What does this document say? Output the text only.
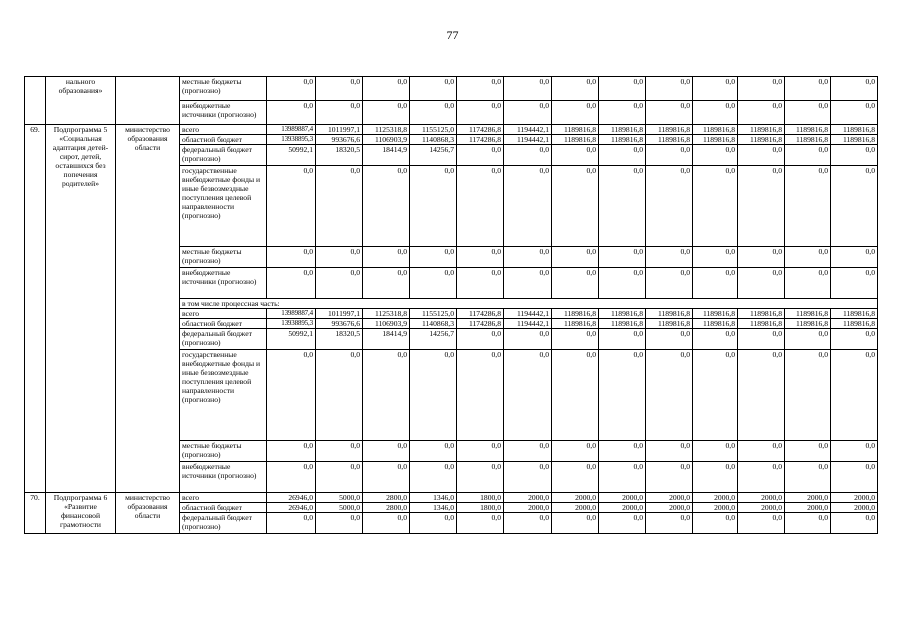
77
	нального образования»		местные бюджеты (прогнозно)	0,0	0,0	0,0	0,0	0,0	0,0	0,0	0,0	0,0	0,0	0,0	0,0	0,0
			внебюджетные источники (прогнозно)	0,0	0,0	0,0	0,0	0,0	0,0	0,0	0,0	0,0	0,0	0,0	0,0	0,0
69.	Подпрограмма 5 «Социальная адаптация детей-сирот, детей, оставшихся без попечения родителей»	министерство образования области	всего	13989887,4	1011997,1	1125318,8	1155125,0	1174286,8	1194442,1	1189816,8	1189816,8	1189816,8	1189816,8	1189816,8	1189816,8	1189816,8
			областной бюджет	13938895,3	993676,6	1106903,9	1140868,3	1174286,8	1194442,1	1189816,8	1189816,8	1189816,8	1189816,8	1189816,8	1189816,8	1189816,8
			федеральный бюджет (прогнозно)	50992,1	18320,5	18414,9	14256,7	0,0	0,0	0,0	0,0	0,0	0,0	0,0	0,0	0,0
			государственные внебюджетные фонды и иные безвозмездные поступления целевой направленности (прогнозно)	0,0	0,0	0,0	0,0	0,0	0,0	0,0	0,0	0,0	0,0	0,0	0,0	0,0
			местные бюджеты (прогнозно)	0,0	0,0	0,0	0,0	0,0	0,0	0,0	0,0	0,0	0,0	0,0	0,0	0,0
			внебюджетные источники (прогнозно)	0,0	0,0	0,0	0,0	0,0	0,0	0,0	0,0	0,0	0,0	0,0	0,0	0,0
			в том числе процессная часть:													
			всего	13989887,4	1011997,1	1125318,8	1155125,0	1174286,8	1194442,1	1189816,8	1189816,8	1189816,8	1189816,8	1189816,8	1189816,8	1189816,8
			областной бюджет	13938895,3	993676,6	1106903,9	1140868,3	1174286,8	1194442,1	1189816,8	1189816,8	1189816,8	1189816,8	1189816,8	1189816,8	1189816,8
			федеральный бюджет (прогнозно)	50992,1	18320,5	18414,9	14256,7	0,0	0,0	0,0	0,0	0,0	0,0	0,0	0,0	0,0
			государственные внебюджетные фонды и иные безвозмездные поступления целевой направленности (прогнозно)	0,0	0,0	0,0	0,0	0,0	0,0	0,0	0,0	0,0	0,0	0,0	0,0	0,0
			местные бюджеты (прогнозно)	0,0	0,0	0,0	0,0	0,0	0,0	0,0	0,0	0,0	0,0	0,0	0,0	0,0
			внебюджетные источники (прогнозно)	0,0	0,0	0,0	0,0	0,0	0,0	0,0	0,0	0,0	0,0	0,0	0,0	0,0
70.	Подпрограмма 6 «Развитие финансовой грамотности	министерство образования области	всего	26946,0	5000,0	2800,0	1346,0	1800,0	2000,0	2000,0	2000,0	2000,0	2000,0	2000,0	2000,0	2000,0
			областной бюджет	26946,0	5000,0	2800,0	1346,0	1800,0	2000,0	2000,0	2000,0	2000,0	2000,0	2000,0	2000,0	2000,0
			федеральный бюджет (прогнозно)	0,0	0,0	0,0	0,0	0,0	0,0	0,0	0,0	0,0	0,0	0,0	0,0	0,0
